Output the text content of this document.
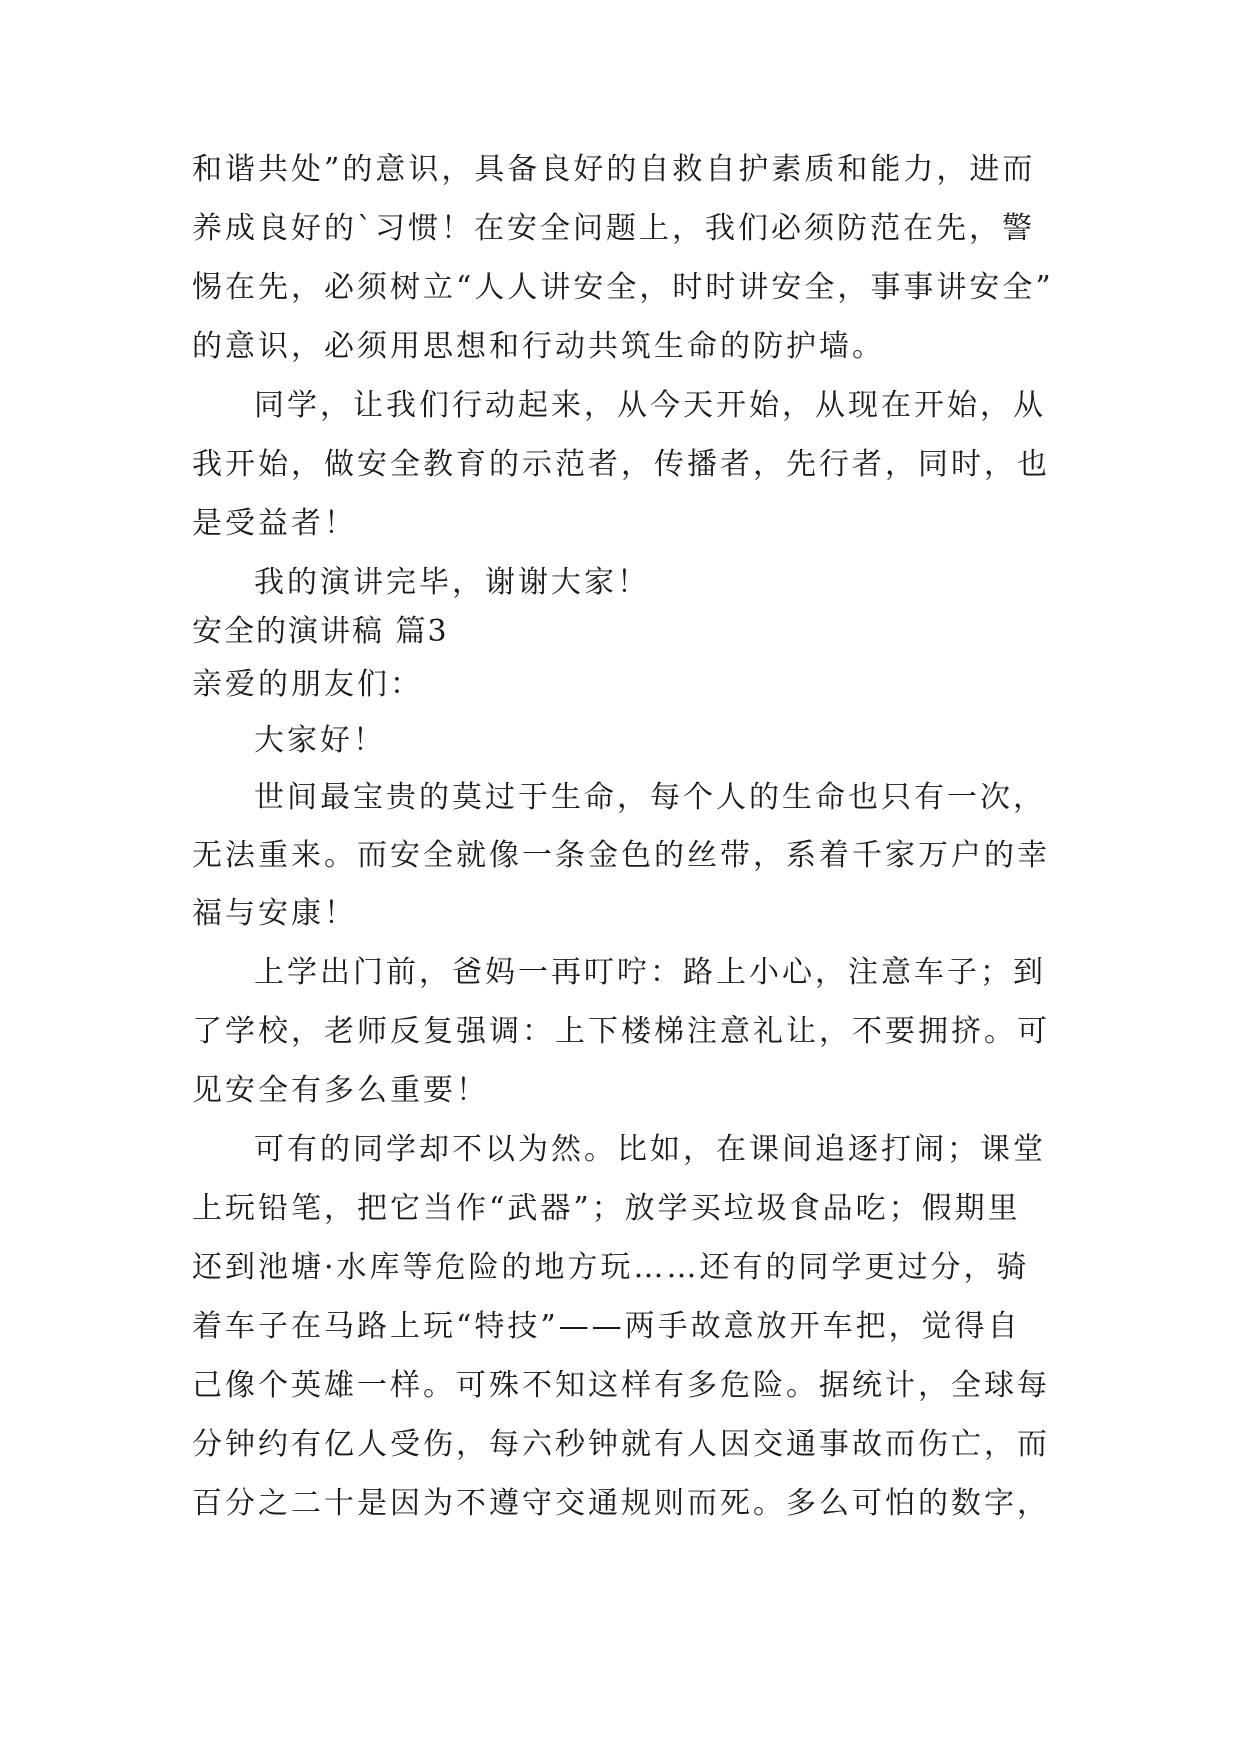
和谐共处”的意识，具备良好的自救自护素质和能力，进而
养成良好的`习惯！在安全问题上，我们必须防范在先，警
惕在先，必须树立“人人讲安全，时时讲安全，事事讲安全”
的意识，必须用思想和行动共筑生命的防护墙。
同学，让我们行动起来，从今天开始，从现在开始，从
我开始，做安全教育的示范者，传播者，先行者，同时，也
是受益者！
我的演讲完毕，谢谢大家！
安全的演讲稿 篇3
亲爱的朋友们：
大家好！
世间最宝贵的莫过于生命，每个人的生命也只有一次，
无法重来。而安全就像一条金色的丝带，系着千家万户的幸
福与安康！
上学出门前，爸妈一再叮咛：路上小心，注意车子；到
了学校，老师反复强调：上下楼梯注意礼让，不要拥挤。可
见安全有多么重要！
可有的同学却不以为然。比如，在课间追逐打闹；课堂
上玩铅笔，把它当作“武器”；放学买垃圾食品吃；假期里
还到池塘·水库等危险的地方玩……还有的同学更过分，骑
着车子在马路上玩“特技”——两手故意放开车把，觉得自
己像个英雄一样。可殊不知这样有多危险。据统计，全球每
分钟约有亿人受伤，每六秒钟就有人因交通事故而伤亡，而
百分之二十是因为不遵守交通规则而死。多么可怕的数字，
